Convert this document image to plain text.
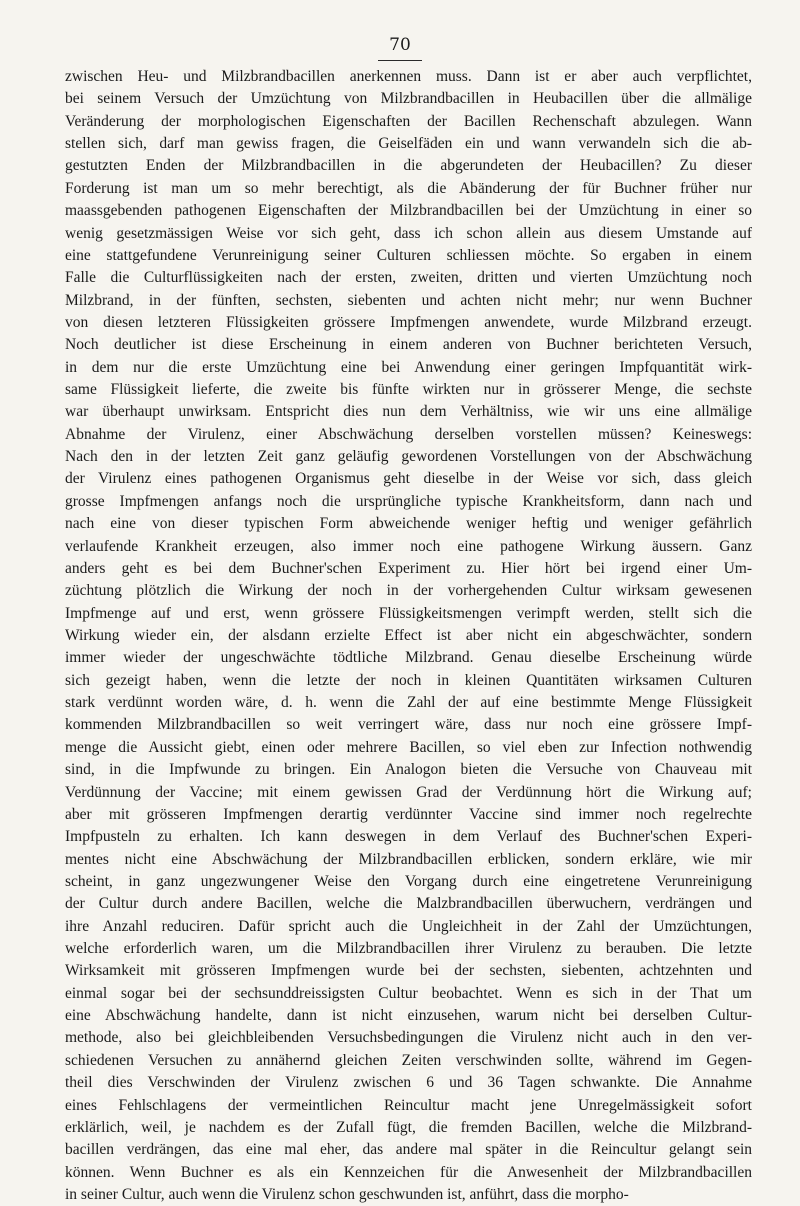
70
zwischen Heu- und Milzbrandbacillen anerkennen muss. Dann ist er aber auch verpflichtet,
bei seinem Versuch der Umzüchtung von Milzbrandbacillen in Heubacillen über die allmälige
Veränderung der morphologischen Eigenschaften der Bacillen Rechenschaft abzulegen. Wann
stellen sich, darf man gewiss fragen, die Geiselfäden ein und wann verwandeln sich die ab-
gestutzten Enden der Milzbrandbacillen in die abgerundeten der Heubacillen? Zu dieser
Forderung ist man um so mehr berechtigt, als die Abänderung der für Buchner früher nur
maassgebenden pathogenen Eigenschaften der Milzbrandbacillen bei der Umzüchtung in einer so
wenig gesetzmässigen Weise vor sich geht, dass ich schon allein aus diesem Umstande auf
eine stattgefundene Verunreinigung seiner Culturen schliessen möchte. So ergaben in einem
Falle die Culturflüssigkeiten nach der ersten, zweiten, dritten und vierten Umzüchtung noch
Milzbrand, in der fünften, sechsten, siebenten und achten nicht mehr; nur wenn Buchner
von diesen letzteren Flüssigkeiten grössere Impfmengen anwendete, wurde Milzbrand erzeugt.
Noch deutlicher ist diese Erscheinung in einem anderen von Buchner berichteten Versuch,
in dem nur die erste Umzüchtung eine bei Anwendung einer geringen Impfquantität wirk-
same Flüssigkeit lieferte, die zweite bis fünfte wirkten nur in grösserer Menge, die sechste
war überhaupt unwirksam. Entspricht dies nun dem Verhältniss, wie wir uns eine allmälige
Abnahme der Virulenz, einer Abschwächung derselben vorstellen müssen? Keineswegs:
Nach den in der letzten Zeit ganz geläufig gewordenen Vorstellungen von der Abschwächung
der Virulenz eines pathogenen Organismus geht dieselbe in der Weise vor sich, dass gleich
grosse Impfmengen anfangs noch die ursprüngliche typische Krankheitsform, dann nach und
nach eine von dieser typischen Form abweichende weniger heftig und weniger gefährlich
verlaufende Krankheit erzeugen, also immer noch eine pathogene Wirkung äussern. Ganz
anders geht es bei dem Buchner'schen Experiment zu. Hier hört bei irgend einer Um-
züchtung plötzlich die Wirkung der noch in der vorhergehenden Cultur wirksam gewesenen
Impfmenge auf und erst, wenn grössere Flüssigkeitsmengen verimpft werden, stellt sich die
Wirkung wieder ein, der alsdann erzielte Effect ist aber nicht ein abgeschwächter, sondern
immer wieder der ungeschwächte tödtliche Milzbrand. Genau dieselbe Erscheinung würde
sich gezeigt haben, wenn die letzte der noch in kleinen Quantitäten wirksamen Culturen
stark verdünnt worden wäre, d. h. wenn die Zahl der auf eine bestimmte Menge Flüssigkeit
kommenden Milzbrandbacillen so weit verringert wäre, dass nur noch eine grössere Impf-
menge die Aussicht giebt, einen oder mehrere Bacillen, so viel eben zur Infection nothwendig
sind, in die Impfwunde zu bringen. Ein Analogon bieten die Versuche von Chauveau mit
Verdünnung der Vaccine; mit einem gewissen Grad der Verdünnung hört die Wirkung auf;
aber mit grösseren Impfmengen derartig verdünnter Vaccine sind immer noch regelrechte
Impfpusteln zu erhalten. Ich kann deswegen in dem Verlauf des Buchner'schen Experi-
mentes nicht eine Abschwächung der Milzbrandbacillen erblicken, sondern erkläre, wie mir
scheint, in ganz ungezwungener Weise den Vorgang durch eine eingetretene Verunreinigung
der Cultur durch andere Bacillen, welche die Malzbrandbacillen überwuchern, verdrängen und
ihre Anzahl reduciren. Dafür spricht auch die Ungleichheit in der Zahl der Umzüchtungen,
welche erforderlich waren, um die Milzbrandbacillen ihrer Virulenz zu berauben. Die letzte
Wirksamkeit mit grösseren Impfmengen wurde bei der sechsten, siebenten, achtzehnten und
einmal sogar bei der sechsunddreissigsten Cultur beobachtet. Wenn es sich in der That um
eine Abschwächung handelte, dann ist nicht einzusehen, warum nicht bei derselben Cultur-
methode, also bei gleichbleibenden Versuchsbedingungen die Virulenz nicht auch in den ver-
schiedenen Versuchen zu annähernd gleichen Zeiten verschwinden sollte, während im Gegen-
theil dies Verschwinden der Virulenz zwischen 6 und 36 Tagen schwankte. Die Annahme
eines Fehlschlagens der vermeintlichen Reincultur macht jene Unregelmässigkeit sofort
erklärlich, weil, je nachdem es der Zufall fügt, die fremden Bacillen, welche die Milzbrand-
bacillen verdrängen, das eine mal eher, das andere mal später in die Reincultur gelangt sein
können. Wenn Buchner es als ein Kennzeichen für die Anwesenheit der Milzbrandbacillen
in seiner Cultur, auch wenn die Virulenz schon geschwunden ist, anführt, dass die morpho-
